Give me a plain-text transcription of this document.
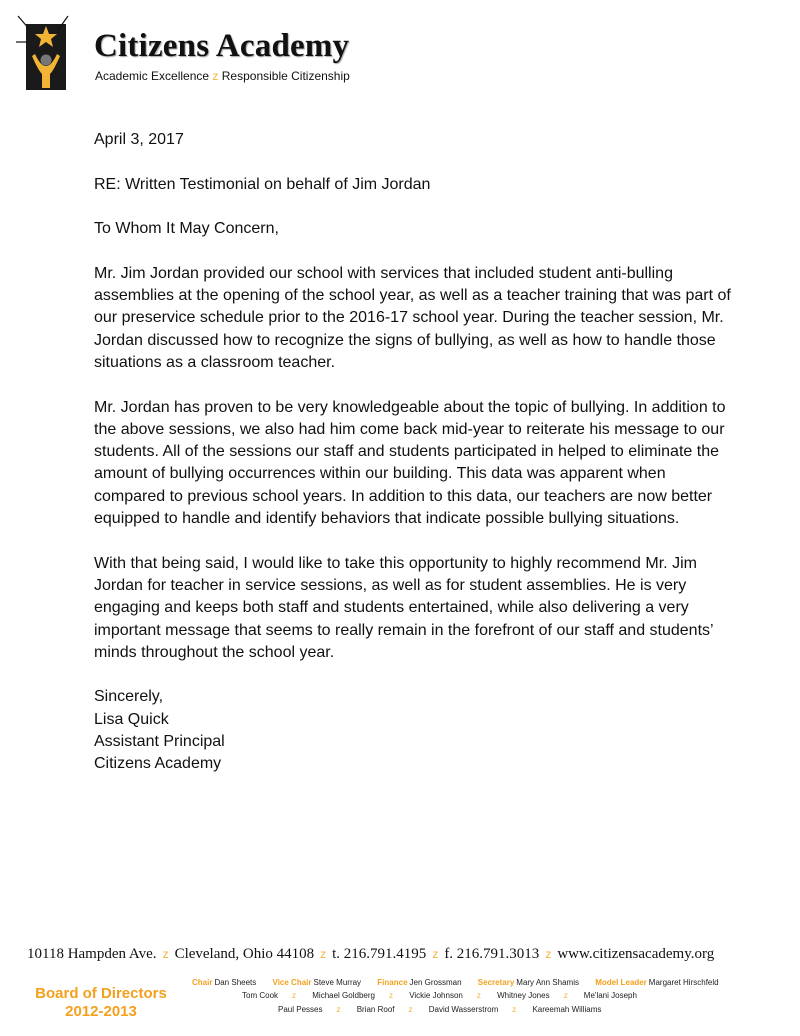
Citizens Academy
Academic Excellence z Responsible Citizenship

April 3, 2017

RE: Written Testimonial on behalf of Jim Jordan

To Whom It May Concern,

Mr. Jim Jordan provided our school with services that included student anti-bulling assemblies at the opening of the school year, as well as a teacher training that was part of our preservice schedule prior to the 2016-17 school year. During the teacher session, Mr. Jordan discussed how to recognize the signs of bullying, as well as how to handle those situations as a classroom teacher.

Mr. Jordan has proven to be very knowledgeable about the topic of bullying. In addition to the above sessions, we also had him come back mid-year to reiterate his message to our students. All of the sessions our staff and students participated in helped to eliminate the amount of bullying occurrences within our building. This data was apparent when compared to previous school years. In addition to this data, our teachers are now better equipped to handle and identify behaviors that indicate possible bullying situations.

With that being said, I would like to take this opportunity to highly recommend Mr. Jim Jordan for teacher in service sessions, as well as for student assemblies. He is very engaging and keeps both staff and students entertained, while also delivering a very important message that seems to really remain in the forefront of our staff and students’ minds throughout the school year.

Sincerely,

Lisa Quick

Assistant Principal

Citizens Academy

10118 Hampden Ave. z Cleveland, Ohio 44108 z t. 216.791.4195 z f. 216.791.3013 z www.citizensacademy.org
Board of Directors
2012-2013
Chair Dan Sheets Vice Chair Steve Murray Finance Jen Grossman Secretary Mary Ann Shamis Model Leader Margaret Hirschfeld
Tom Cook z Michael Goldberg z Vickie Johnson z Whitney Jones z Me'lani Joseph
Paul Pesses z Brian Roof z David Wasserstrom z Kareemah Williams
